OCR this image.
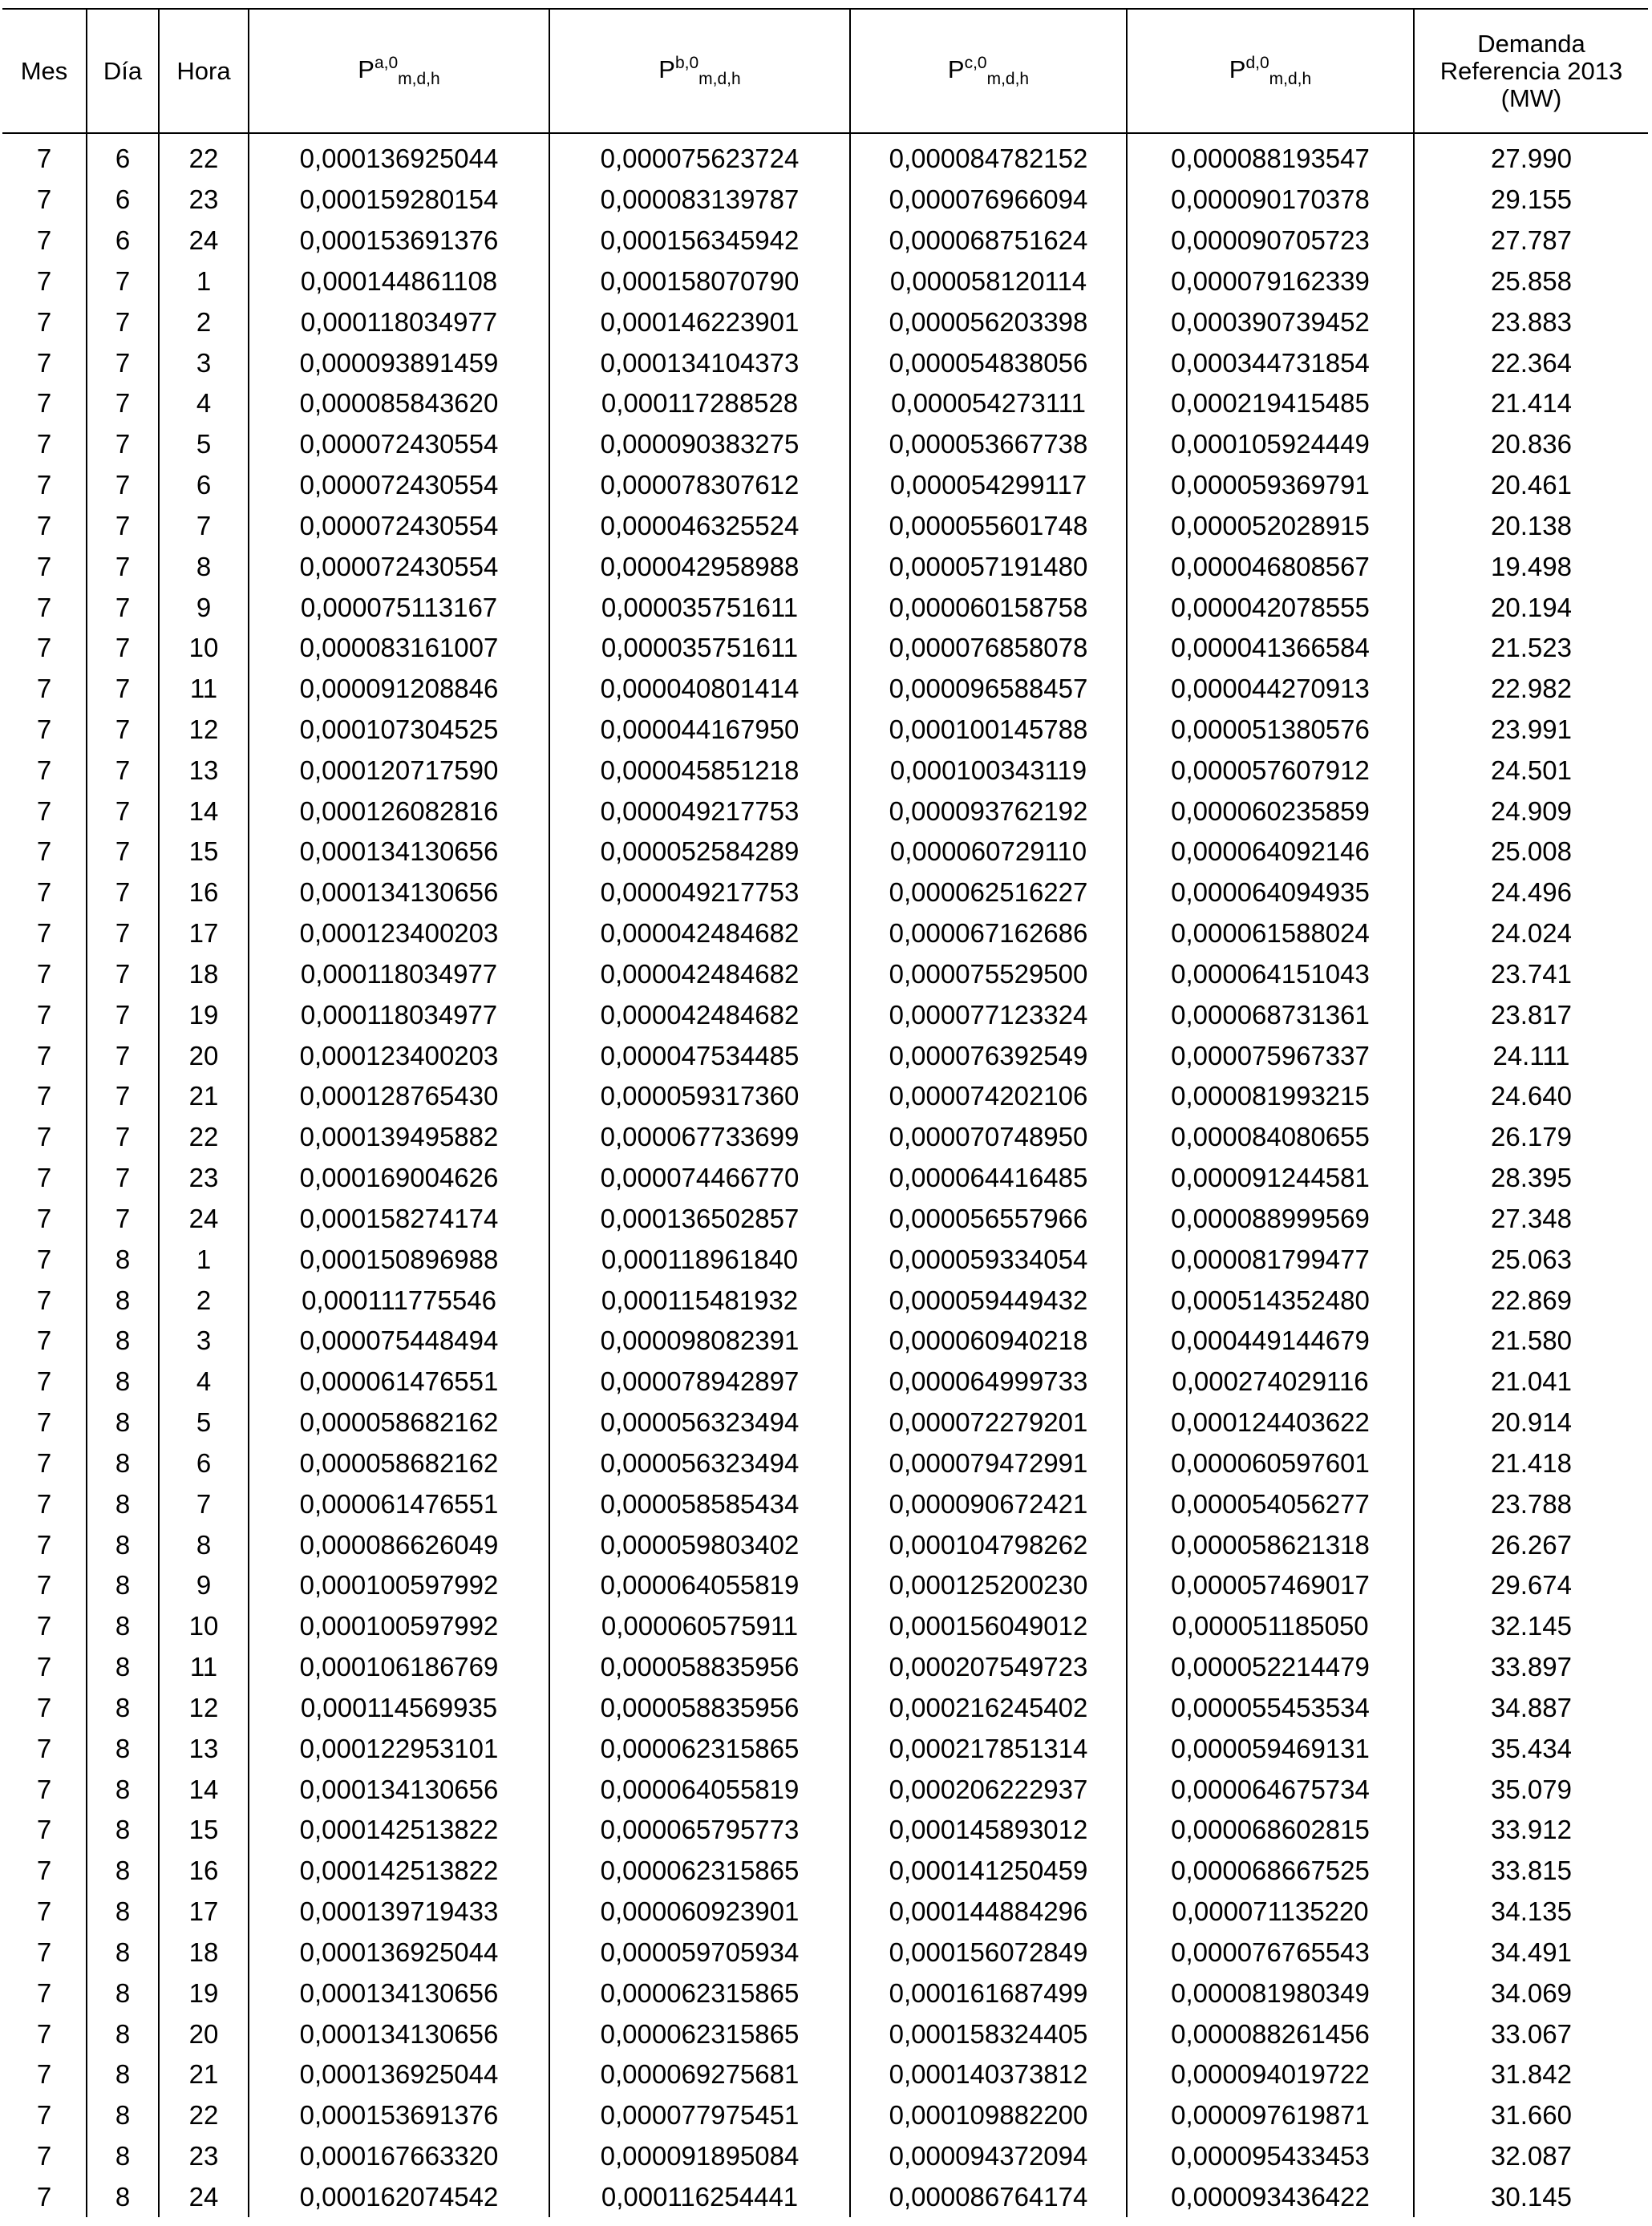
Mes	Día	Hora	P$^{a,0}_{m,d,h}$	P$^{b,0}_{m,d,h}$	P$^{c,0}_{m,d,h}$	P$^{d,0}_{m,d,h}$	Demanda
Referencia 2013
(MW)

7	6	22	0,000136925044	0,000075623724	0,000084782152	0,000088193547	27.990
7	6	23	0,000159280154	0,000083139787	0,000076966094	0,000090170378	29.155
7	6	24	0,000153691376	0,000156345942	0,000068751624	0,000090705723	27.787
7	7	1	0,000144861108	0,000158070790	0,000058120114	0,000079162339	25.858
7	7	2	0,000118034977	0,000146223901	0,000056203398	0,000390739452	23.883
7	7	3	0,000093891459	0,000134104373	0,000054838056	0,000344731854	22.364
7	7	4	0,000085843620	0,000117288528	0,000054273111	0,000219415485	21.414
7	7	5	0,000072430554	0,000090383275	0,000053667738	0,000105924449	20.836
7	7	6	0,000072430554	0,000078307612	0,000054299117	0,000059369791	20.461
7	7	7	0,000072430554	0,000046325524	0,000055601748	0,000052028915	20.138
7	7	8	0,000072430554	0,000042958988	0,000057191480	0,000046808567	19.498
7	7	9	0,000075113167	0,000035751611	0,000060158758	0,000042078555	20.194
7	7	10	0,000083161007	0,000035751611	0,000076858078	0,000041366584	21.523
7	7	11	0,000091208846	0,000040801414	0,000096588457	0,000044270913	22.982
7	7	12	0,000107304525	0,000044167950	0,000100145788	0,000051380576	23.991
7	7	13	0,000120717590	0,000045851218	0,000100343119	0,000057607912	24.501
7	7	14	0,000126082816	0,000049217753	0,000093762192	0,000060235859	24.909
7	7	15	0,000134130656	0,000052584289	0,000060729110	0,000064092146	25.008
7	7	16	0,000134130656	0,000049217753	0,000062516227	0,000064094935	24.496
7	7	17	0,000123400203	0,000042484682	0,000067162686	0,000061588024	24.024
7	7	18	0,000118034977	0,000042484682	0,000075529500	0,000064151043	23.741
7	7	19	0,000118034977	0,000042484682	0,000077123324	0,000068731361	23.817
7	7	20	0,000123400203	0,000047534485	0,000076392549	0,000075967337	24.111
7	7	21	0,000128765430	0,000059317360	0,000074202106	0,000081993215	24.640
7	7	22	0,000139495882	0,000067733699	0,000070748950	0,000084080655	26.179
7	7	23	0,000169004626	0,000074466770	0,000064416485	0,000091244581	28.395
7	7	24	0,000158274174	0,000136502857	0,000056557966	0,000088999569	27.348
7	8	1	0,000150896988	0,000118961840	0,000059334054	0,000081799477	25.063
7	8	2	0,000111775546	0,000115481932	0,000059449432	0,000514352480	22.869
7	8	3	0,000075448494	0,000098082391	0,000060940218	0,000449144679	21.580
7	8	4	0,000061476551	0,000078942897	0,000064999733	0,000274029116	21.041
7	8	5	0,000058682162	0,000056323494	0,000072279201	0,000124403622	20.914
7	8	6	0,000058682162	0,000056323494	0,000079472991	0,000060597601	21.418
7	8	7	0,000061476551	0,000058585434	0,000090672421	0,000054056277	23.788
7	8	8	0,000086626049	0,000059803402	0,000104798262	0,000058621318	26.267
7	8	9	0,000100597992	0,000064055819	0,000125200230	0,000057469017	29.674
7	8	10	0,000100597992	0,000060575911	0,000156049012	0,000051185050	32.145
7	8	11	0,000106186769	0,000058835956	0,000207549723	0,000052214479	33.897
7	8	12	0,000114569935	0,000058835956	0,000216245402	0,000055453534	34.887
7	8	13	0,000122953101	0,000062315865	0,000217851314	0,000059469131	35.434
7	8	14	0,000134130656	0,000064055819	0,000206222937	0,000064675734	35.079
7	8	15	0,000142513822	0,000065795773	0,000145893012	0,000068602815	33.912
7	8	16	0,000142513822	0,000062315865	0,000141250459	0,000068667525	33.815
7	8	17	0,000139719433	0,000060923901	0,000144884296	0,000071135220	34.135
7	8	18	0,000136925044	0,000059705934	0,000156072849	0,000076765543	34.491
7	8	19	0,000134130656	0,000062315865	0,000161687499	0,000081980349	34.069
7	8	20	0,000134130656	0,000062315865	0,000158324405	0,000088261456	33.067
7	8	21	0,000136925044	0,000069275681	0,000140373812	0,000094019722	31.842
7	8	22	0,000153691376	0,000077975451	0,000109882200	0,000097619871	31.660
7	8	23	0,000167663320	0,000091895084	0,000094372094	0,000095433453	32.087
7	8	24	0,000162074542	0,000116254441	0,000086764174	0,000093436422	30.145
